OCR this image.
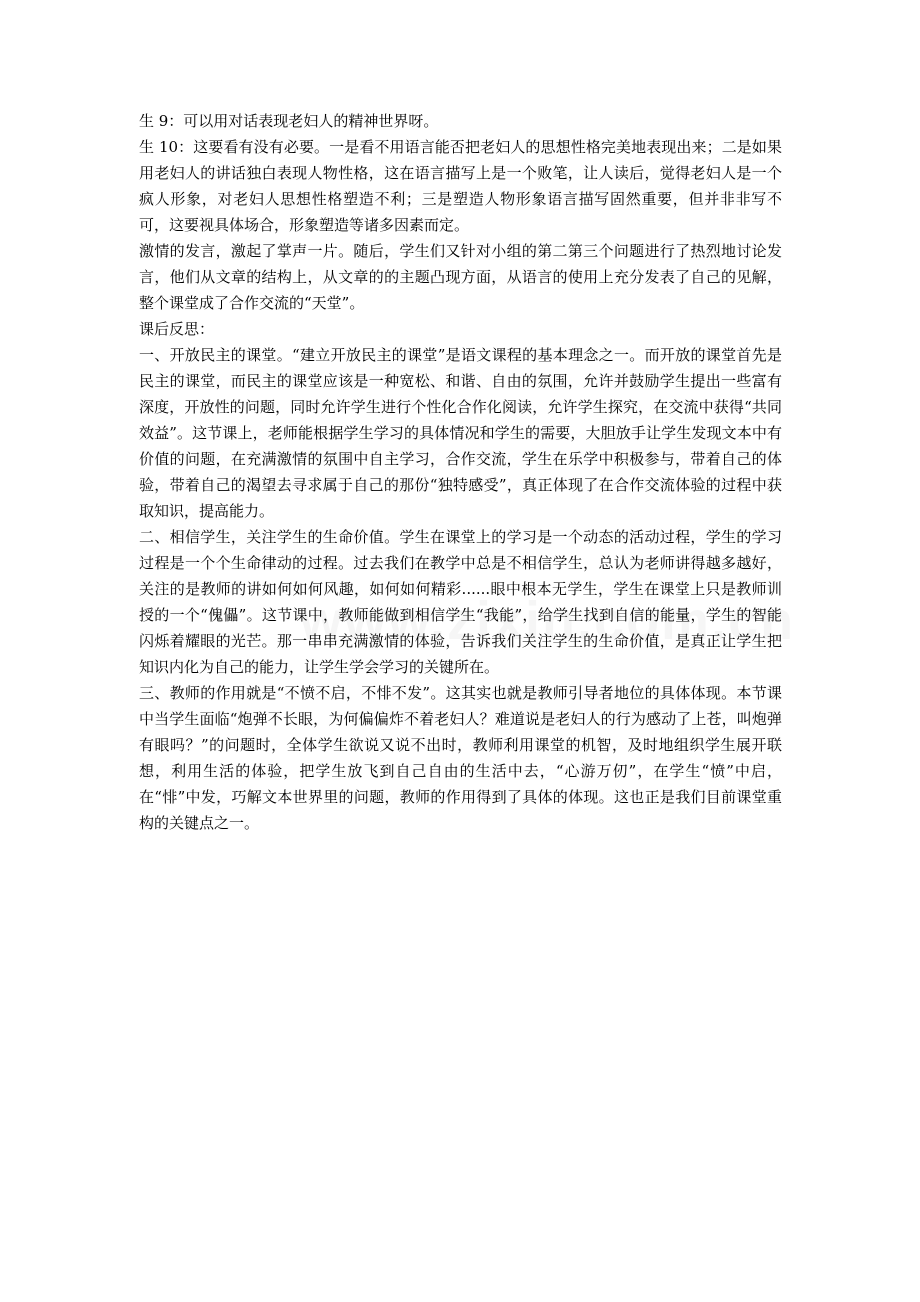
生 9：可以用对话表现老妇人的精神世界呀。

生 10：这要看有没有必要。一是看不用语言能否把老妇人的思想性格完美地表现出来；二是如果用老妇人的讲话独白表现人物性格，这在语言描写上是一个败笔，让人读后，觉得老妇人是一个疯人形象，对老妇人思想性格塑造不利；三是塑造人物形象语言描写固然重要，但并非非写不可，这要视具体场合，形象塑造等诸多因素而定。

激情的发言，激起了掌声一片。随后，学生们又针对小组的第二第三个问题进行了热烈地讨论发言，他们从文章的结构上，从文章的的主题凸现方面，从语言的使用上充分发表了自己的见解，整个课堂成了合作交流的“天堂”。

课后反思：

一、开放民主的课堂。“建立开放民主的课堂”是语文课程的基本理念之一。而开放的课堂首先是民主的课堂，而民主的课堂应该是一种宽松、和谐、自由的氛围，允许并鼓励学生提出一些富有深度，开放性的问题，同时允许学生进行个性化合作化阅读，允许学生探究，在交流中获得“共同效益”。这节课上，老师能根据学生学习的具体情况和学生的需要，大胆放手让学生发现文本中有价值的问题，在充满激情的氛围中自主学习，合作交流，学生在乐学中积极参与，带着自己的体验，带着自己的渴望去寻求属于自己的那份“独特感受”，真正体现了在合作交流体验的过程中获取知识，提高能力。

二、相信学生，关注学生的生命价值。学生在课堂上的学习是一个动态的活动过程，学生的学习过程是一个个生命律动的过程。过去我们在教学中总是不相信学生，总认为老师讲得越多越好，关注的是教师的讲如何如何风趣，如何如何精彩......眼中根本无学生，学生在课堂上只是教师训授的一个“傀儡”。这节课中，教师能做到相信学生“我能”，给学生找到自信的能量，学生的智能闪烁着耀眼的光芒。那一串串充满激情的体验，告诉我们关注学生的生命价值，是真正让学生把知识内化为自己的能力，让学生学会学习的关键所在。

三、教师的作用就是“不愤不启，不悱不发”。这其实也就是教师引导者地位的具体体现。本节课中当学生面临“炮弹不长眼，为何偏偏炸不着老妇人？难道说是老妇人的行为感动了上苍，叫炮弹有眼吗？”的问题时，全体学生欲说又说不出时，教师利用课堂的机智，及时地组织学生展开联想，利用生活的体验，把学生放飞到自己自由的生活中去，“心游万仞”，在学生“愤”中启，在“悱”中发，巧解文本世界里的问题，教师的作用得到了具体的体现。这也正是我们目前课堂重构的关键点之一。
